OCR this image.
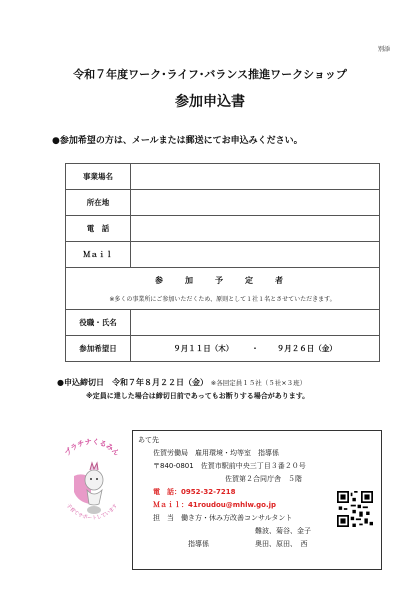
別添
令和７年度ワーク･ライフ･バランス推進ワークショップ
参加申込書
●参加希望の方は、メールまたは郵送にてお申込みください。
事業場名	
所在地	
電　話	
Ｍａｉｌ	

参　加　予　定　者
※多くの事業所にご参加いただくため、原則として１社１名とさせていただきます。	

役職・氏名	
参加希望日	９月１１日（木） ・ ９月２６日（金）
●申込締切日　令和７年８月２２日（金） ※各回定員１５社（５社×３班）
※定員に達した場合は締切日前であってもお断りする場合があります。
プラチナくるみん
子育てサポートしています
あて先
佐賀労働局　雇用環境・均等室　指導係
〒840-0801　佐賀市駅前中央三丁目３番２０号
佐賀第２合同庁舎　５階
電　話：0952-32-7218
Ｍａｉｌ：41roudou@mhlw.go.jp
担　当　働き方・休み方改善コンサルタント
難波、菊谷、金子
指導係	奥田、原田、　西
